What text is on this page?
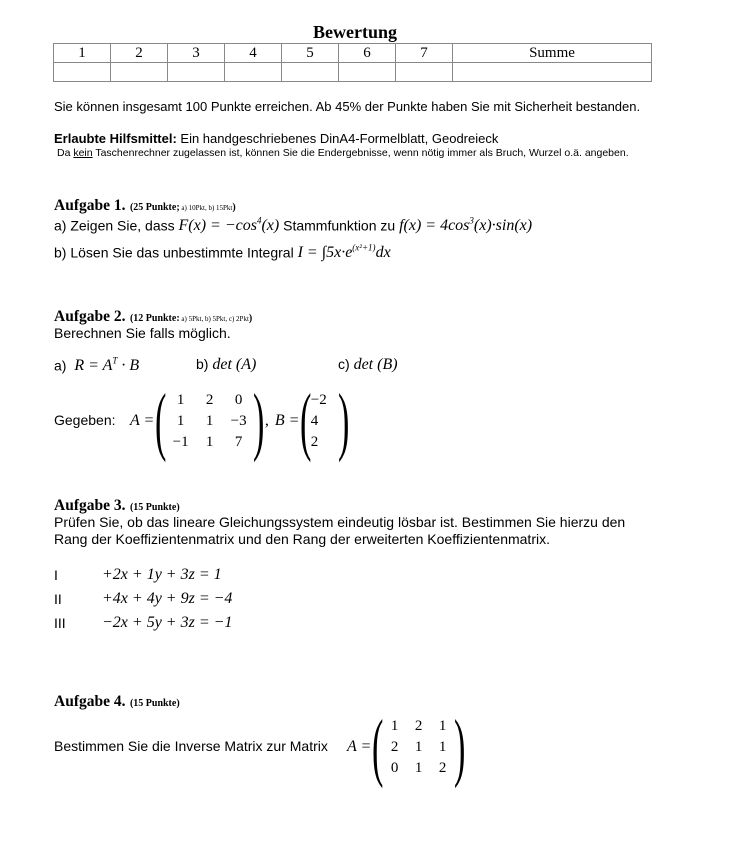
Bewertung
1	2	3	4	5	6	7	Summe

Sie können insgesamt 100 Punkte erreichen. Ab 45% der Punkte haben Sie mit Sicherheit bestanden.
Erlaubte Hilfsmittel: Ein handgeschriebenes DinA4-Formelblatt, Geodreieck
Da kein Taschenrechner zugelassen ist, können Sie die Endergebnisse, wenn nötig immer als Bruch, Wurzel o.ä. angeben.
Aufgabe 1. (25 Punkte; a) 10Pkt, b) 15Pkt)
a) Zeigen Sie, dass $F(x) = -\cos^4(x)$ Stammfunktion zu $f(x) = 4\cos^3(x)\cdot\sin(x)$
b) Lösen Sie das unbestimmte Integral $I = \int 5x\cdot e^{(x^2+1)}dx$
Aufgabe 2. (12 Punkte: a) 5Pkt, b) 5Pkt, c) 2Pkt)
Berechnen Sie falls möglich.
a) $R = A^T \cdot B$	b) det (A)	c) det (B)
Gegeben: A = ( 1	2	0
1	1	−3
−1	1	7 ) , B = (
−2
4
2 )
Aufgabe 3. (15 Punkte)
Prüfen Sie, ob das lineare Gleichungssystem eindeutig lösbar ist. Bestimmen Sie hierzu den
Rang der Koeffizientenmatrix und den Rang der erweiterten Koeffizientenmatrix.
I	+2x + 1y + 3z = 1
II	+4x + 4y + 9z = −4
III −2x + 5y + 3z = −1
Aufgabe 4. (15 Punkte)
Bestimmen Sie die Inverse Matrix zur Matrix A = ( 1	2	1
2	1	1
0	1	2 )
